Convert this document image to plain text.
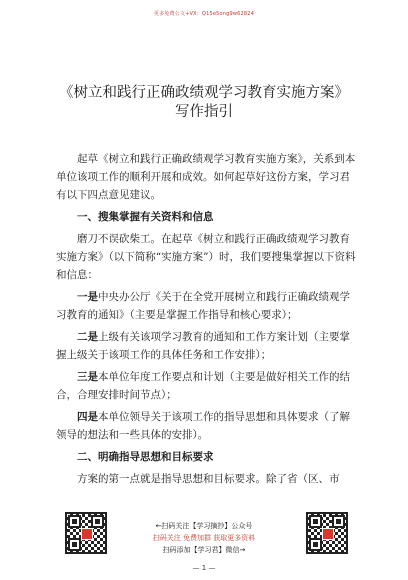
更多免费公文+VX：Q15e5ong9w62824
《树立和践行正确政绩观学习教育实施方案》
写作指引

起草《树立和践行正确政绩观学习教育实施方案》，关系到本单位该项工作的顺利开展和成效。如何起草好这份方案，学习君有以下四点意见建议。

一、搜集掌握有关资料和信息

磨刀不误砍柴工。在起草《树立和践行正确政绩观学习教育实施方案》（以下简称“实施方案”）时，我们要搜集掌握以下资料和信息：

一是中央办公厅《关于在全党开展树立和践行正确政绩观学习教育的通知》（主要是掌握工作指导和核心要求）；

二是上级有关该项学习教育的通知和工作方案计划（主要掌握上级关于该项工作的具体任务和工作安排）；

三是本单位年度工作要点和计划（主要是做好相关工作的结合，合理安排时间节点）；

四是本单位领导关于该项工作的指导思想和具体要求（了解领导的想法和一些具体的安排）。

二、明确指导思想和目标要求

方案的第一点就是指导思想和目标要求。除了省（区、市

←扫码关注【学习摘抄】公众号
扫码关注 免费加群 获取更多资料
扫码添加【学习君】微信→
— 1 —
